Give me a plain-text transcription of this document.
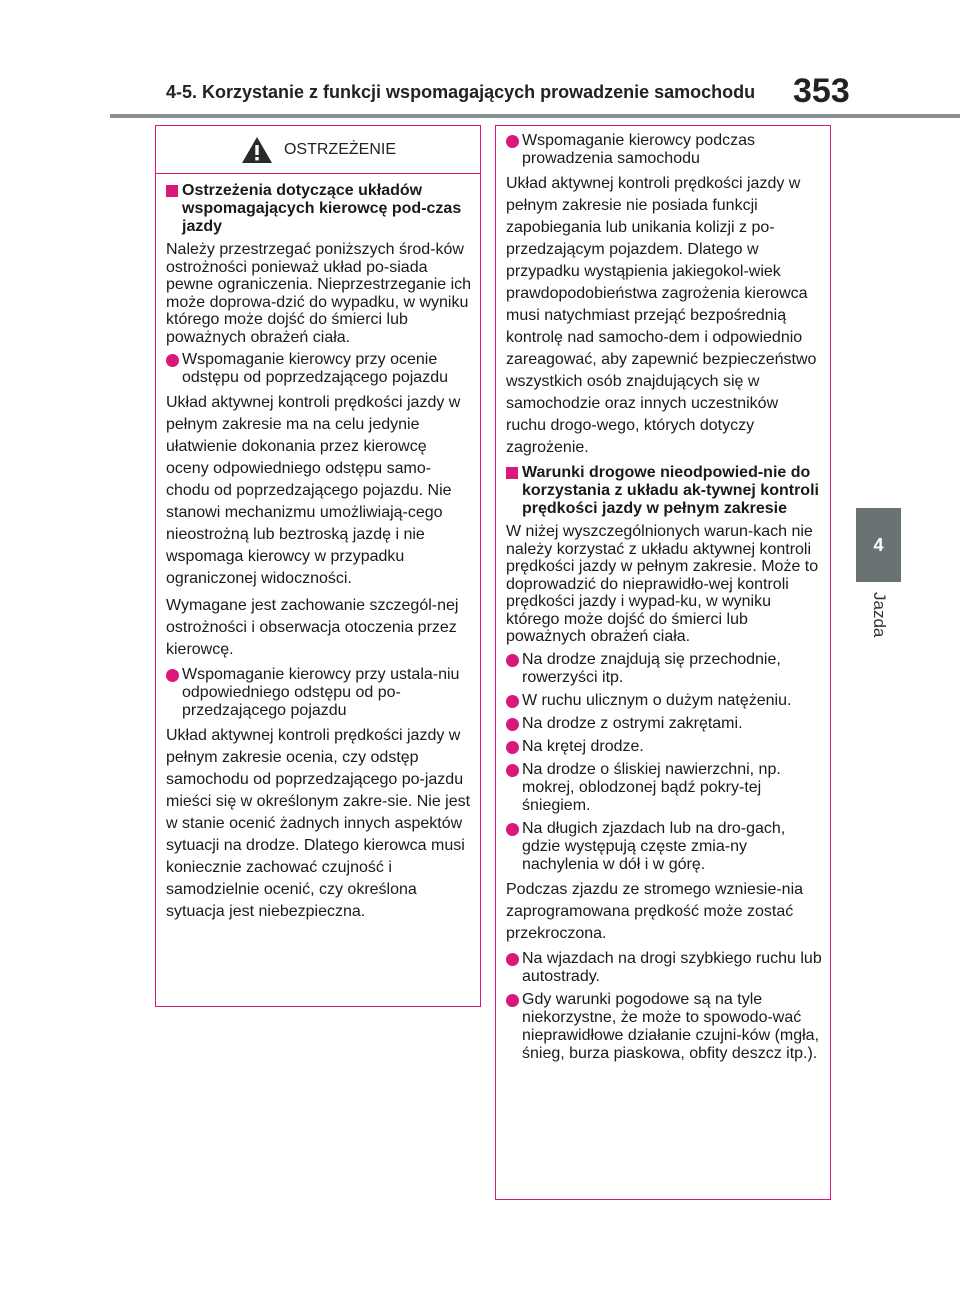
4-5. Korzystanie z funkcji wspomagających prowadzenie samochodu	353
4
Jazda
OSTRZEŻENIE
Ostrzeżenia dotyczące układów wspomagających kierowcę pod-czas jazdy
Należy przestrzegać poniższych środ-ków ostrożności ponieważ układ po-siada pewne ograniczenia. Nieprzestrzeganie ich może doprowa-dzić do wypadku, w wyniku którego może dojść do śmierci lub poważnych obrażeń ciała.
Wspomaganie kierowcy przy ocenie odstępu od poprzedzającego pojazdu
Układ aktywnej kontroli prędkości jazdy w pełnym zakresie ma na celu jedynie ułatwienie dokonania przez kierowcę oceny odpowiedniego odstępu samo-chodu od poprzedzającego pojazdu. Nie stanowi mechanizmu umożliwiają-cego nieostrożną lub beztroską jazdę i nie wspomaga kierowcy w przypadku ograniczonej widoczności.
Wymagane jest zachowanie szczegól-nej ostrożności i obserwacja otoczenia przez kierowcę.
Wspomaganie kierowcy przy ustala-niu odpowiedniego odstępu od po-przedzającego pojazdu
Układ aktywnej kontroli prędkości jazdy w pełnym zakresie ocenia, czy odstęp samochodu od poprzedzającego po-jazdu mieści się w określonym zakre-sie. Nie jest w stanie ocenić żadnych innych aspektów sytuacji na drodze. Dlatego kierowca musi koniecznie zachować czujność i samodzielnie ocenić, czy określona sytuacja jest niebezpieczna.
Wspomaganie kierowcy podczas prowadzenia samochodu
Układ aktywnej kontroli prędkości jazdy w pełnym zakresie nie posiada funkcji zapobiegania lub unikania kolizji z po-przedzającym pojazdem. Dlatego w przypadku wystąpienia jakiegokol-wiek prawdopodobieństwa zagrożenia kierowca musi natychmiast przejąć bezpośrednią kontrolę nad samocho-dem i odpowiednio zareagować, aby zapewnić bezpieczeństwo wszystkich osób znajdujących się w samochodzie oraz innych uczestników ruchu drogo-wego, których dotyczy zagrożenie.
Warunki drogowe nieodpowied-nie do korzystania z układu ak-tywnej kontroli prędkości jazdy w pełnym zakresie
W niżej wyszczególnionych warun-kach nie należy korzystać z układu aktywnej kontroli prędkości jazdy w pełnym zakresie. Może to doprowadzić do nieprawidło-wej kontroli prędkości jazdy i wypad-ku, w wyniku którego może dojść do śmierci lub poważnych obrażeń ciała.
Na drodze znajdują się przechodnie, rowerzyści itp.
W ruchu ulicznym o dużym natężeniu.
Na drodze z ostrymi zakrętami.
Na krętej drodze.
Na drodze o śliskiej nawierzchni, np. mokrej, oblodzonej bądź pokry-tej śniegiem.
Na długich zjazdach lub na dro-gach, gdzie występują częste zmia-ny nachylenia w dół i w górę.
Podczas zjazdu ze stromego wzniesie-nia zaprogramowana prędkość może zostać przekroczona.
Na wjazdach na drogi szybkiego ruchu lub autostrady.
Gdy warunki pogodowe są na tyle niekorzystne, że może to spowodo-wać nieprawidłowe działanie czujni-ków (mgła, śnieg, burza piaskowa, obfity deszcz itp.).
